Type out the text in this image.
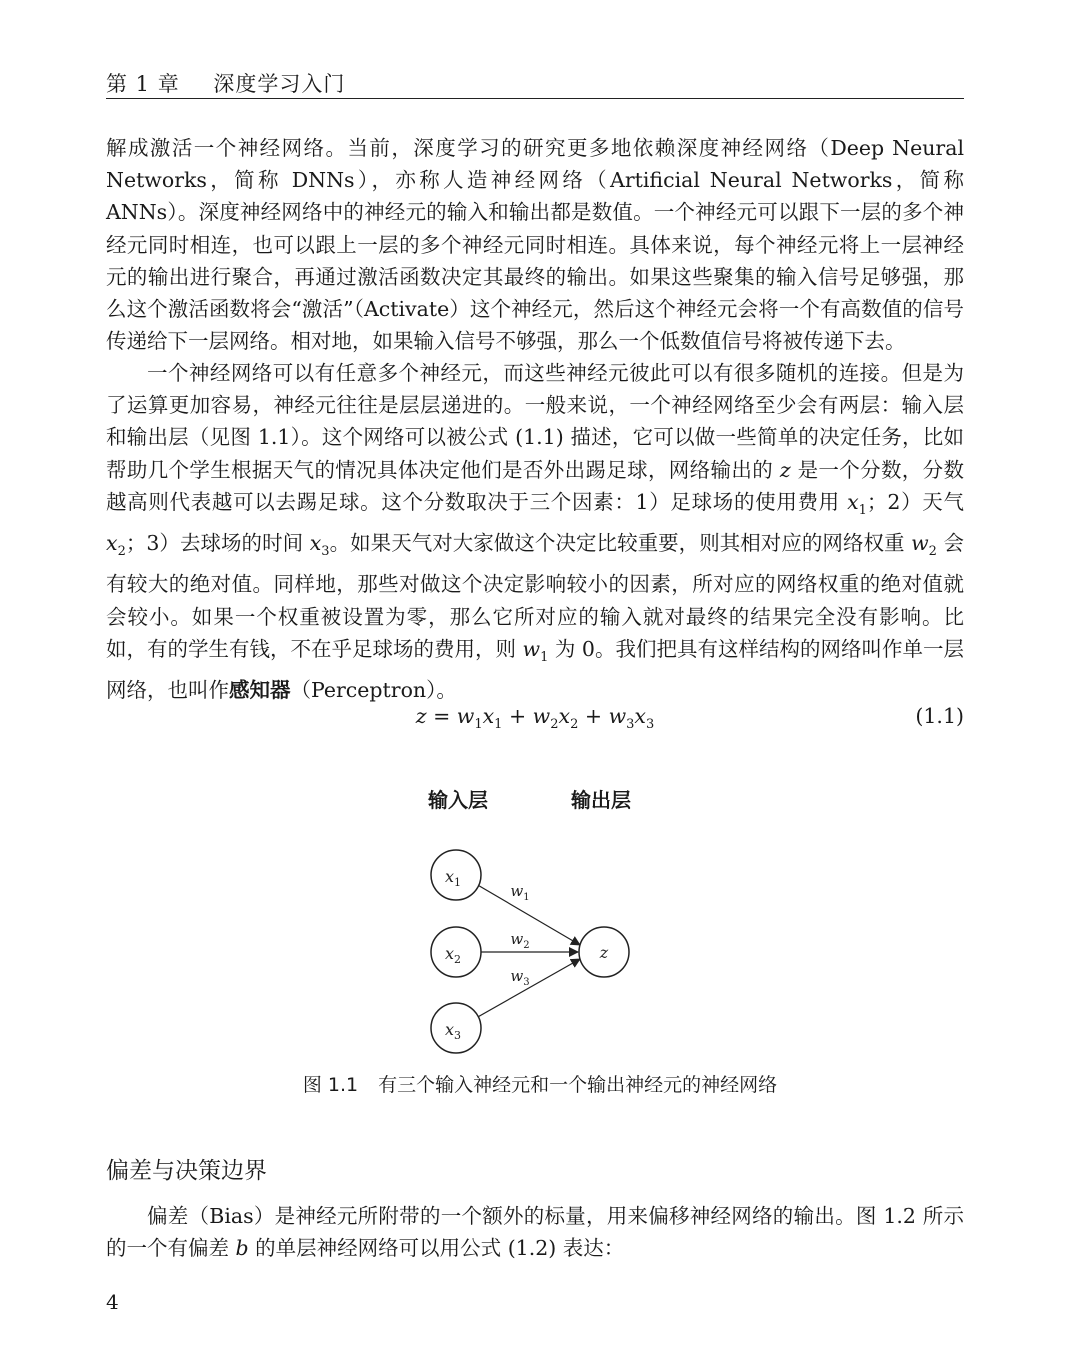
第 1 章 深度学习入门

解成激活一个神经网络。当前，深度学习的研究更多地依赖深度神经网络（Deep Neural Networks，简称 DNNs），亦称人造神经网络（Artificial Neural Networks，简称 ANNs）。深度神经网络中的神经元的输入和输出都是数值。一个神经元可以跟下一层的多个神经元同时相连，也可以跟上一层的多个神经元同时相连。具体来说，每个神经元将上一层神经元的输出进行聚合，再通过激活函数决定其最终的输出。如果这些聚集的输入信号足够强，那么这个激活函数将会“激活”（Activate）这个神经元，然后这个神经元会将一个有高数值的信号传递给下一层网络。相对地，如果输入信号不够强，那么一个低数值信号将被传递下去。

一个神经网络可以有任意多个神经元，而这些神经元彼此可以有很多随机的连接。但是为了运算更加容易，神经元往往是层层递进的。一般来说，一个神经网络至少会有两层：输入层和输出层（见图 1.1）。这个网络可以被公式 (1.1) 描述，它可以做一些简单的决定任务，比如帮助几个学生根据天气的情况具体决定他们是否外出踢足球，网络输出的 z 是一个分数，分数越高则代表越可以去踢足球。这个分数取决于三个因素：1）足球场的使用费用 $x_1$；2）天气 $x_2$；3）去球场的时间 $x_3$。如果天气对大家做这个决定比较重要，则其相对应的网络权重 $w_2$ 会有较大的绝对值。同样地，那些对做这个决定影响较小的因素，所对应的网络权重的绝对值就会较小。如果一个权重被设置为零，那么它所对应的输入就对最终的结果完全没有影响。比如，有的学生有钱，不在乎足球场的费用，则 $w_1$ 为 0。我们把具有这样结构的网络叫作单一层网络，也叫作感知器（Perceptron）。

$z = w_1x_1 + w_2x_2 + w_3x_3$	(1.1)
输入层	输出层
$x_1$
$x_2$
$x_3$
z
$w_1$
$w_2$
$w_3$
图 1.1 有三个输入神经元和一个输出神经元的神经网络
偏差与决策边界

偏差（Bias）是神经元所附带的一个额外的标量，用来偏移神经网络的输出。图 1.2 所示的一个有偏差 b 的单层神经网络可以用公式 (1.2) 表达：

4
